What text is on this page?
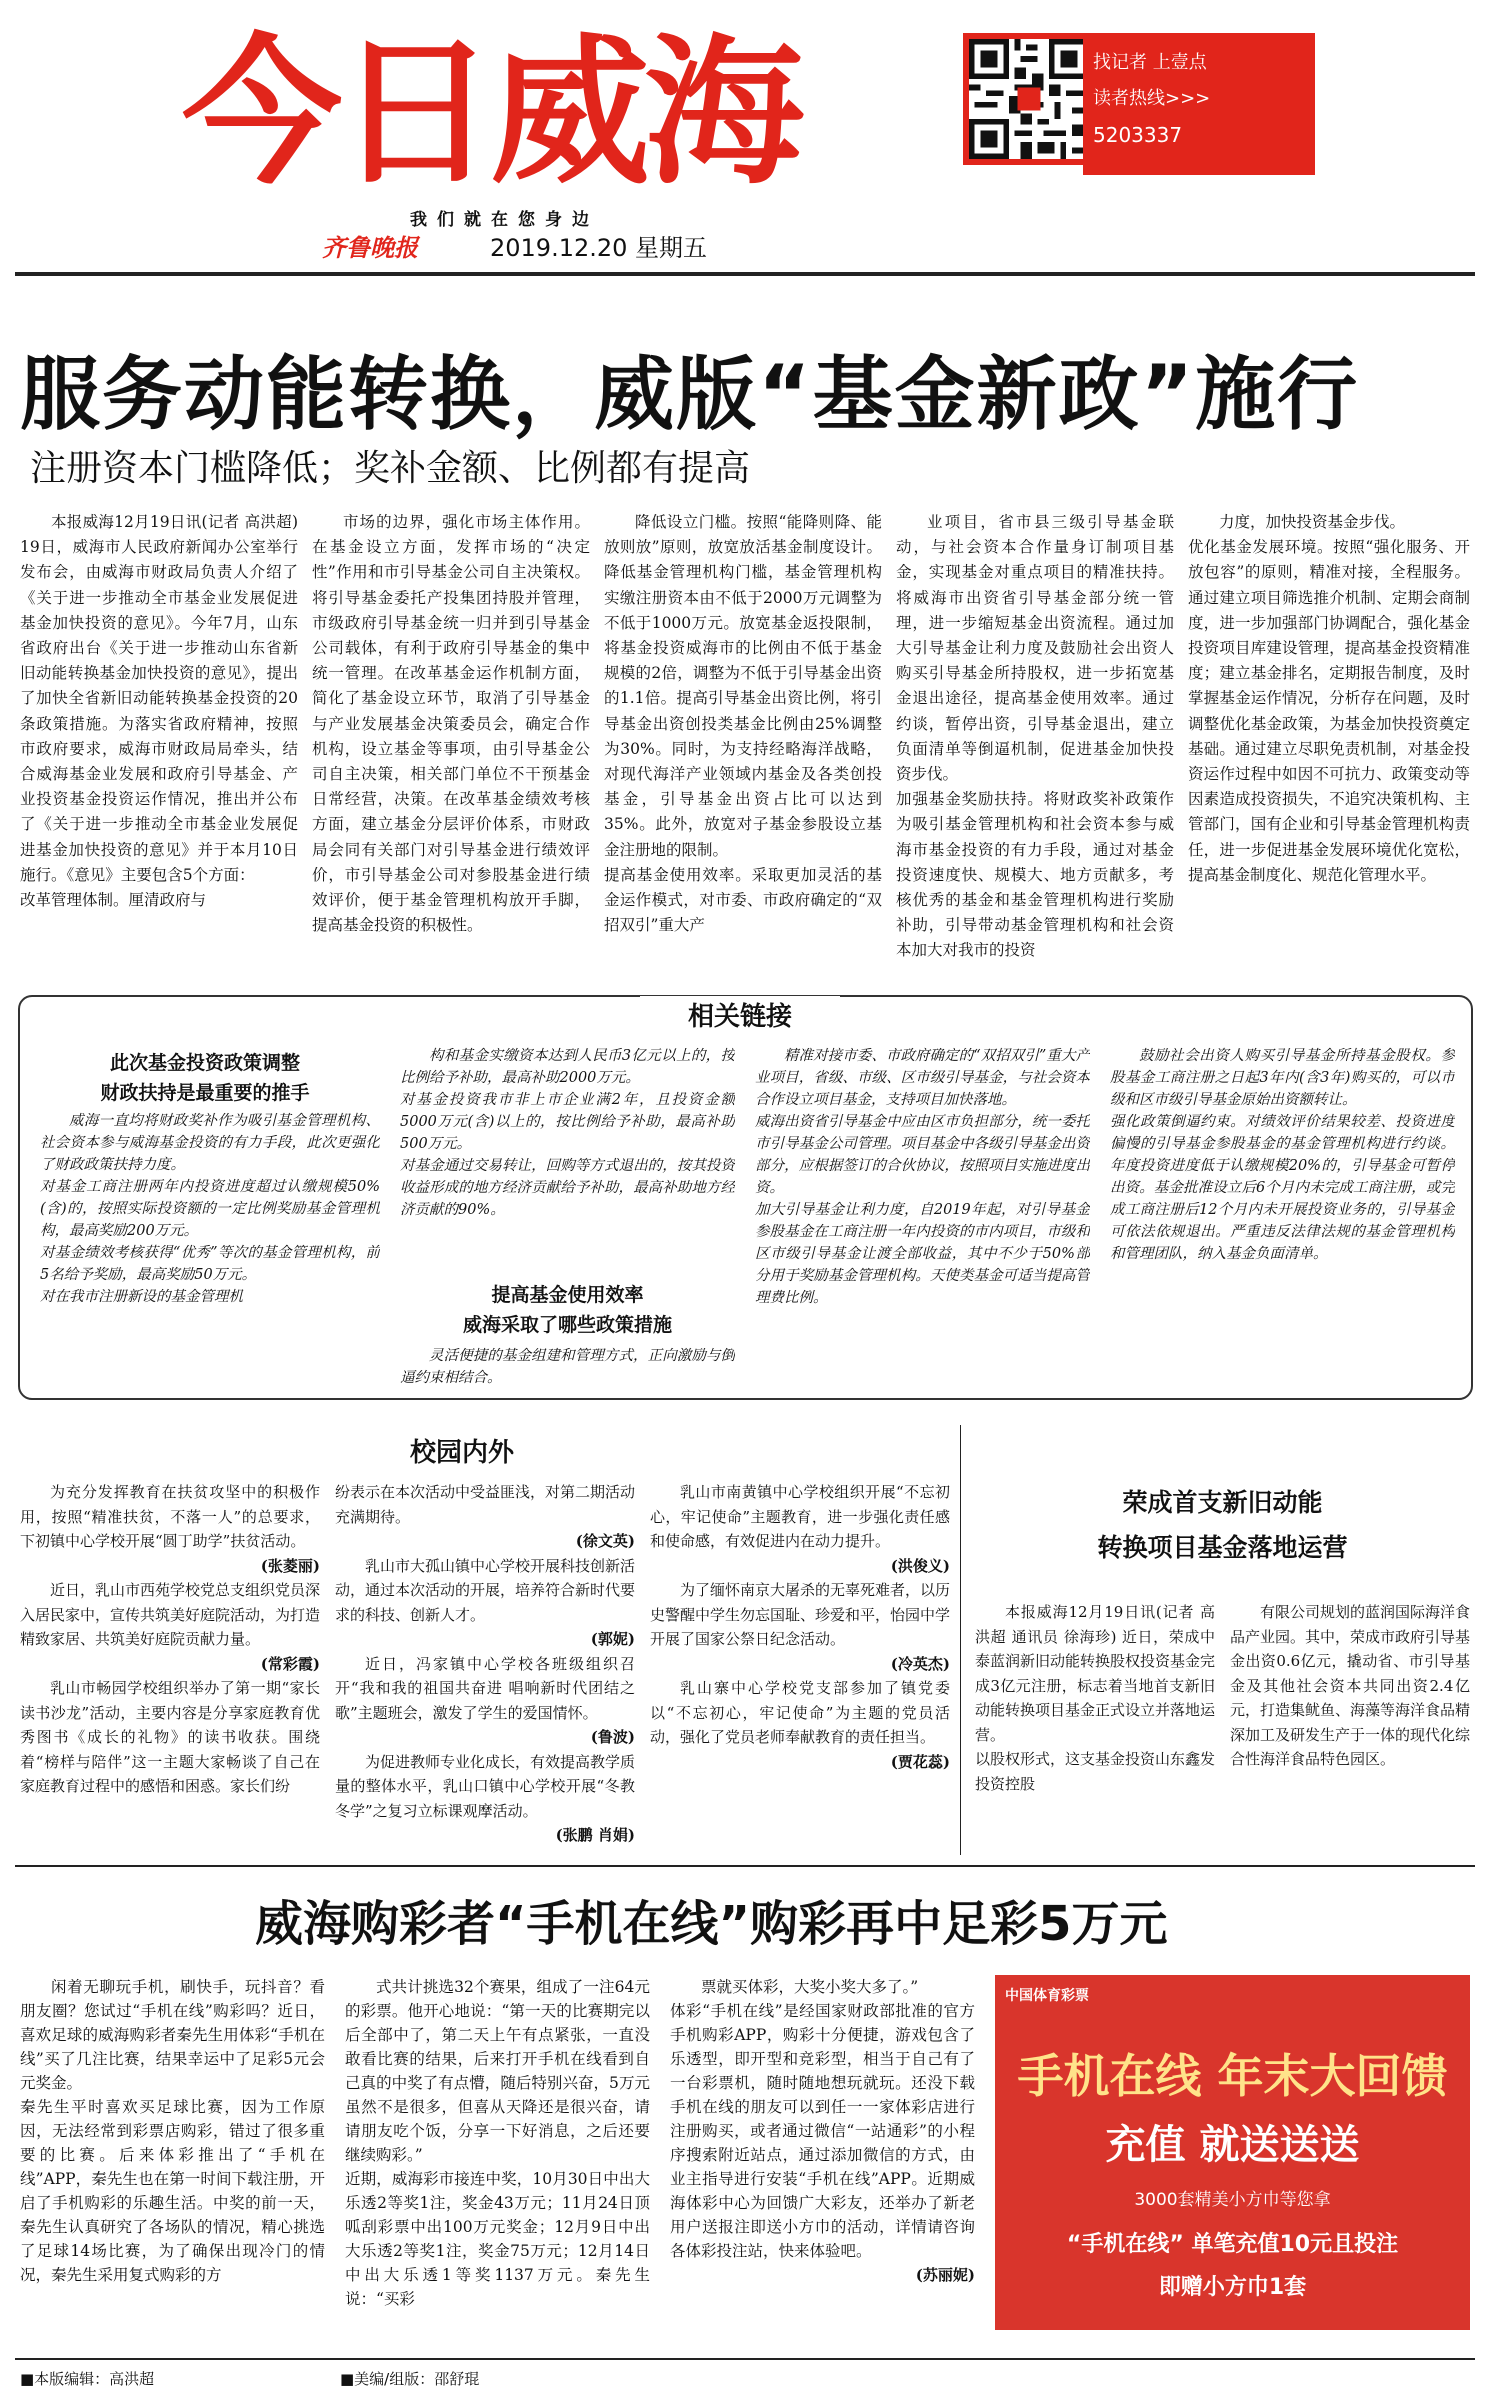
今日威海	找记者 上壹点
读者热线>>>
5203337
我们就在您身边
齐鲁晚报	2019.12.20 星期五
服务动能转换，威版“基金新政”施行
注册资本门槛降低；奖补金额、比例都有提高

本报威海12月19日讯(记者 高洪超) 19日，威海市人民政府新闻办公室举行发布会，由威海市财政局负责人介绍了《关于进一步推动全市基金业发展促进基金加快投资的意见》。今年7月，山东省政府出台《关于进一步推动山东省新旧动能转换基金加快投资的意见》，提出了加快全省新旧动能转换基金投资的20条政策措施。为落实省政府精神，按照市政府要求，威海市财政局局牵头，结合威海基金业发展和政府引导基金、产业投资基金投资运作情况，推出并公布了《关于进一步推动全市基金业发展促进基金加快投资的意见》并于本月10日施行。《意见》主要包含5个方面：
改革管理体制。厘清政府与

市场的边界，强化市场主体作用。在基金设立方面，发挥市场的“决定性”作用和市引导基金公司自主决策权。将引导基金委托产投集团持股并管理，市级政府引导基金统一归并到引导基金公司载体，有利于政府引导基金的集中统一管理。在改革基金运作机制方面，简化了基金设立环节，取消了引导基金与产业发展基金决策委员会，确定合作机构，设立基金等事项，由引导基金公司自主决策，相关部门单位不干预基金日常经营，决策。在改革基金绩效考核方面，建立基金分层评价体系，市财政局会同有关部门对引导基金进行绩效评价，市引导基金公司对参股基金进行绩效评价，便于基金管理机构放开手脚，提高基金投资的积极性。

降低设立门槛。按照“能降则降、能放则放”原则，放宽放活基金制度设计。降低基金管理机构门槛，基金管理机构实缴注册资本由不低于2000万元调整为不低于1000万元。放宽基金返投限制，将基金投资威海市的比例由不低于基金规模的2倍，调整为不低于引导基金出资的1.1倍。提高引导基金出资比例，将引导基金出资创投类基金比例由25%调整为30%。同时，为支持经略海洋战略，对现代海洋产业领域内基金及各类创投基金，引导基金出资占比可以达到35%。此外，放宽对子基金参股设立基金注册地的限制。
提高基金使用效率。采取更加灵活的基金运作模式，对市委、市政府确定的“双招双引”重大产

业项目，省市县三级引导基金联动，与社会资本合作量身订制项目基金，实现基金对重点项目的精准扶持。将威海市出资省引导基金部分统一管理，进一步缩短基金出资流程。通过加大引导基金让利力度及鼓励社会出资人购买引导基金所持股权，进一步拓宽基金退出途径，提高基金使用效率。通过约谈，暂停出资，引导基金退出，建立负面清单等倒逼机制，促进基金加快投资步伐。
加强基金奖励扶持。将财政奖补政策作为吸引基金管理机构和社会资本参与威海市基金投资的有力手段，通过对基金投资速度快、规模大、地方贡献多，考核优秀的基金和基金管理机构进行奖励补助，引导带动基金管理机构和社会资本加大对我市的投资

力度，加快投资基金步伐。
优化基金发展环境。按照“强化服务、开放包容”的原则，精准对接，全程服务。通过建立项目筛选推介机制、定期会商制度，进一步加强部门协调配合，强化基金投资项目库建设管理，提高基金投资精准度；建立基金排名，定期报告制度，及时掌握基金运作情况，分析存在问题，及时调整优化基金政策，为基金加快投资奠定基础。通过建立尽职免责机制，对基金投资运作过程中如因不可抗力、政策变动等因素造成投资损失，不追究决策机构、主管部门，国有企业和引导基金管理机构责任，进一步促进基金发展环境优化宽松，提高基金制度化、规范化管理水平。

相关链接
此次基金投资政策调整
财政扶持是最重要的推手

威海一直均将财政奖补作为吸引基金管理机构、社会资本参与威海基金投资的有力手段，此次更强化了财政政策扶持力度。
对基金工商注册两年内投资进度超过认缴规模50%(含)的，按照实际投资额的一定比例奖励基金管理机构，最高奖励200万元。
对基金绩效考核获得“优秀”等次的基金管理机构，前5名给予奖励，最高奖励50万元。
对在我市注册新设的基金管理机

构和基金实缴资本达到人民币3亿元以上的，按比例给予补助，最高补助2000万元。
对基金投资我市非上市企业满2年，且投资金额5000万元(含)以上的，按比例给予补助，最高补助500万元。
对基金通过交易转让，回购等方式退出的，按其投资收益形成的地方经济贡献给予补助，最高补助地方经济贡献的90%。

提高基金使用效率
威海采取了哪些政策措施

灵活便捷的基金组建和管理方式，正向激励与倒逼约束相结合。

精准对接市委、市政府确定的“双招双引”重大产业项目，省级、市级、区市级引导基金，与社会资本合作设立项目基金，支持项目加快落地。
威海出资省引导基金中应由区市负担部分，统一委托市引导基金公司管理。项目基金中各级引导基金出资部分，应根据签订的合伙协议，按照项目实施进度出资。
加大引导基金让利力度，自2019年起，对引导基金参股基金在工商注册一年内投资的市内项目，市级和区市级引导基金让渡全部收益，其中不少于50%部分用于奖励基金管理机构。天使类基金可适当提高管理费比例。

鼓励社会出资人购买引导基金所持基金股权。参股基金工商注册之日起3年内(含3年)购买的，可以市级和区市级引导基金原始出资额转让。
强化政策倒逼约束。对绩效评价结果较差、投资进度偏慢的引导基金参股基金的基金管理机构进行约谈。年度投资进度低于认缴规模20%的，引导基金可暂停出资。基金批准设立后6个月内未完成工商注册，或完成工商注册后12个月内未开展投资业务的，引导基金可依法依规退出。严重违反法律法规的基金管理机构和管理团队，纳入基金负面清单。

校园内外

为充分发挥教育在扶贫攻坚中的积极作用，按照“精准扶贫，不落一人”的总要求，下初镇中心学校开展“圆丁助学”扶贫活动。

(张菱丽)

近日，乳山市西苑学校党总支组织党员深入居民家中，宣传共筑美好庭院活动，为打造精致家居、共筑美好庭院贡献力量。

(常彩霞)

乳山市畅园学校组织举办了第一期“家长读书沙龙”活动，主要内容是分享家庭教育优秀图书《成长的礼物》的读书收获。围绕着“榜样与陪伴”这一主题大家畅谈了自己在家庭教育过程中的感悟和困惑。家长们纷

纷表示在本次活动中受益匪浅，对第二期活动充满期待。

(徐文英)

乳山市大孤山镇中心学校开展科技创新活动，通过本次活动的开展，培养符合新时代要求的科技、创新人才。

(郭妮)

近日，冯家镇中心学校各班级组织召开“我和我的祖国共奋进 唱响新时代团结之歌”主题班会，激发了学生的爱国情怀。

(鲁波)

为促进教师专业化成长，有效提高教学质量的整体水平，乳山口镇中心学校开展“冬教冬学”之复习立标课观摩活动。

(张鹏 肖娟)

乳山市南黄镇中心学校组织开展“不忘初心，牢记使命”主题教育，进一步强化责任感和使命感，有效促进内在动力提升。

(洪俊义)

为了缅怀南京大屠杀的无辜死难者，以历史警醒中学生勿忘国耻、珍爱和平，怡园中学开展了国家公祭日纪念活动。

(冷英杰)

乳山寨中心学校党支部参加了镇党委以“不忘初心，牢记使命”为主题的党员活动，强化了党员老师奉献教育的责任担当。

(贾花蕊)
荣成首支新旧动能
转换项目基金落地运营

本报威海12月19日讯(记者 高洪超 通讯员 徐海珍) 近日，荣成中泰蓝润新旧动能转换股权投资基金完成3亿元注册，标志着当地首支新旧动能转换项目基金正式设立并落地运营。
以股权形式，这支基金投资山东鑫发投资控股

有限公司规划的蓝润国际海洋食品产业园。其中，荣成市政府引导基金出资0.6亿元，撬动省、市引导基金及其他社会资本共同出资2.4亿元，打造集鱿鱼、海藻等海洋食品精深加工及研发生产于一体的现代化综合性海洋食品特色园区。

威海购彩者“手机在线”购彩再中足彩5万元

闲着无聊玩手机，刷快手，玩抖音？看朋友圈？您试过“手机在线”购彩吗？近日，喜欢足球的威海购彩者秦先生用体彩“手机在线”买了几注比赛，结果幸运中了足彩5元会元奖金。
秦先生平时喜欢买足球比赛，因为工作原因，无法经常到彩票店购彩，错过了很多重要的比赛。后来体彩推出了“手机在线”APP，秦先生也在第一时间下载注册，开启了手机购彩的乐趣生活。中奖的前一天，秦先生认真研究了各场队的情况，精心挑选了足球14场比赛，为了确保出现冷门的情况，秦先生采用复式购彩的方

式共计挑选32个赛果，组成了一注64元的彩票。他开心地说：“第一天的比赛期完以后全部中了，第二天上午有点紧张，一直没敢看比赛的结果，后来打开手机在线看到自己真的中奖了有点懵，随后特别兴奋，5万元虽然不是很多，但喜从天降还是很兴奋，请请朋友吃个饭，分享一下好消息，之后还要继续购彩。”
近期，威海彩市接连中奖，10月30日中出大乐透2等奖1注，奖金43万元；11月24日顶呱刮彩票中出100万元奖金；12月9日中出大乐透2等奖1注，奖金75万元；12月14日中出大乐透1等奖1137万元。秦先生说：“买彩

票就买体彩，大奖小奖大多了。”
体彩“手机在线”是经国家财政部批准的官方手机购彩APP，购彩十分便捷，游戏包含了乐透型，即开型和竞彩型，相当于自己有了一台彩票机，随时随地想玩就玩。还没下载手机在线的朋友可以到任一一家体彩店进行注册购买，或者通过微信“一站通彩”的小程序搜索附近站点，通过添加微信的方式，由业主指导进行安装“手机在线”APP。近期威海体彩中心为回馈广大彩友，还举办了新老用户送报注即送小方巾的活动，详情请咨询各体彩投注站，快来体验吧。

(苏丽妮)
中国体育彩票
手机在线 年末大回馈
充值 就送送送
3000套精美小方巾等您拿
“手机在线” 单笔充值10元且投注
即赠小方巾1套
■本版编辑：高洪超	■美编/组版：邵舒琨
